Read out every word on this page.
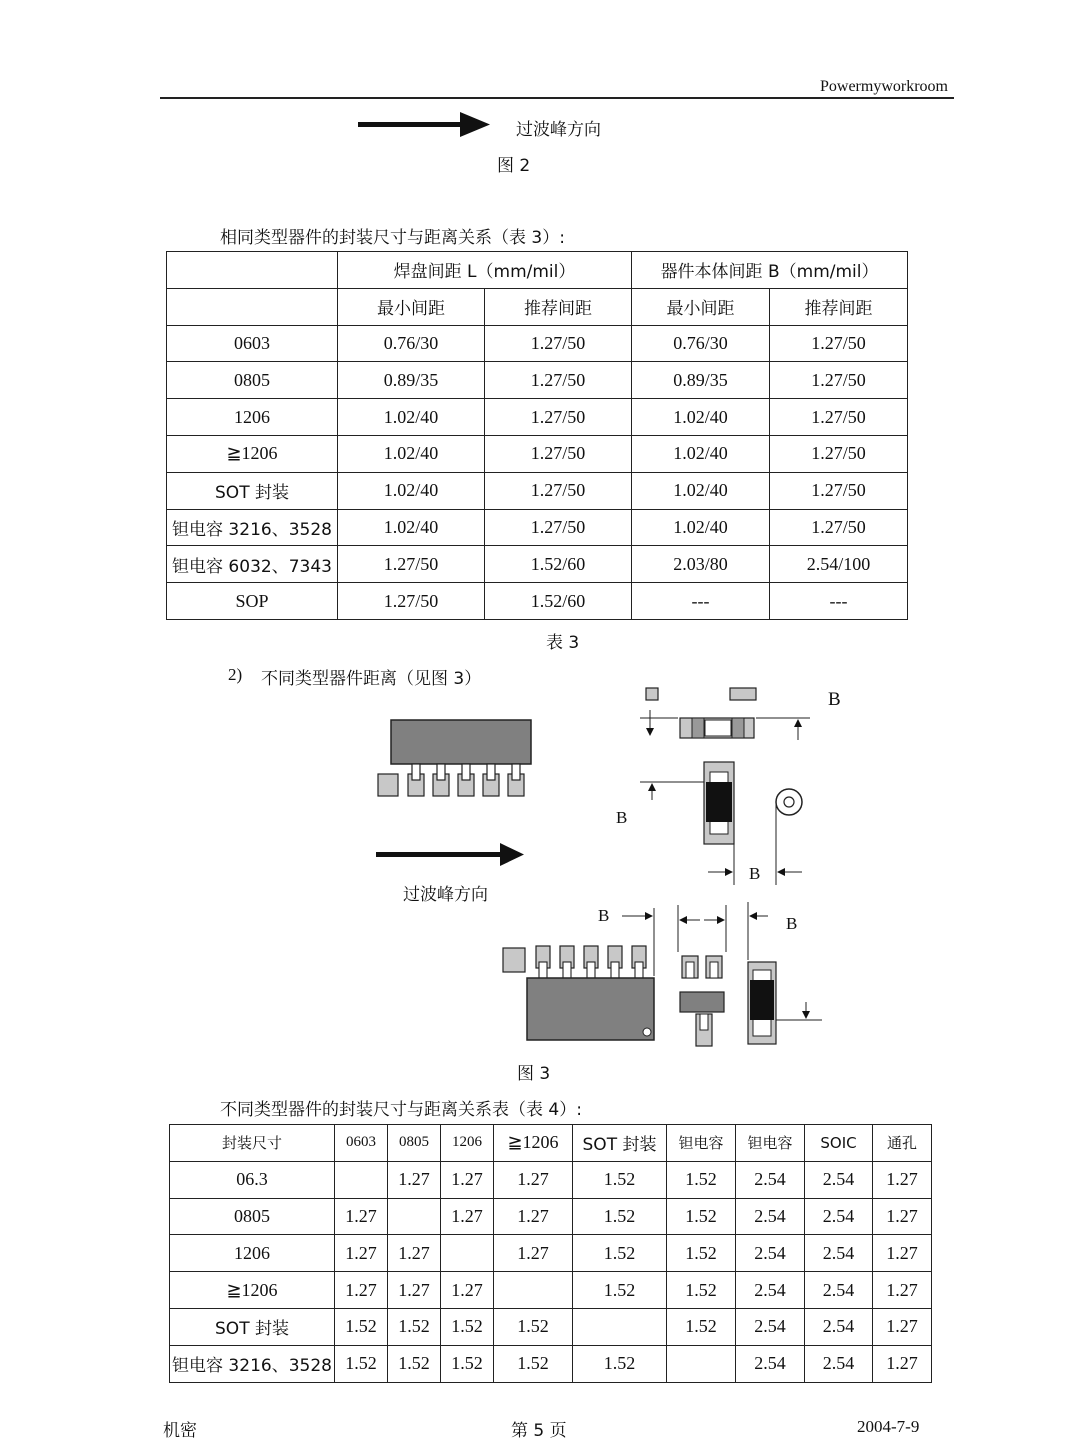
Powermyworkroom
过波峰方向
图 2
相同类型器件的封装尺寸与距离关系（表 3）:
	焊盘间距 L（mm/mil）		器件本体间距 B（mm/mil）	
	最小间距	推荐间距	最小间距	推荐间距
0603	0.76/30	1.27/50	0.76/30	1.27/50
0805	0.89/35	1.27/50	0.89/35	1.27/50
1206	1.02/40	1.27/50	1.02/40	1.27/50
≧1206	1.02/40	1.27/50	1.02/40	1.27/50
SOT 封装	1.02/40	1.27/50	1.02/40	1.27/50
钽电容 3216、3528	1.02/40	1.27/50	1.02/40	1.27/50
钽电容 6032、7343	1.27/50	1.52/60	2.03/80	2.54/100
SOP	1.27/50	1.52/60	---	---
表 3
2) 不同类型器件距离（见图 3）
B
B
B
B	B
过波峰方向
图 3
不同类型器件的封装尺寸与距离关系表（表 4）:
封装尺寸	0603	0805	1206	≧1206	SOT 封装	钽电容	钽电容	SOIC	通孔
06.3		1.27	1.27	1.27	1.52	1.52	2.54	2.54	1.27
0805	1.27		1.27	1.27	1.52	1.52	2.54	2.54	1.27
1206	1.27	1.27		1.27	1.52	1.52	2.54	2.54	1.27
≧1206	1.27	1.27	1.27		1.52	1.52	2.54	2.54	1.27
SOT 封装	1.52	1.52	1.52	1.52		1.52	2.54	2.54	1.27
钽电容 3216、3528	1.52	1.52	1.52	1.52	1.52		2.54	2.54	1.27
机密	第 5 页	2004-7-9
